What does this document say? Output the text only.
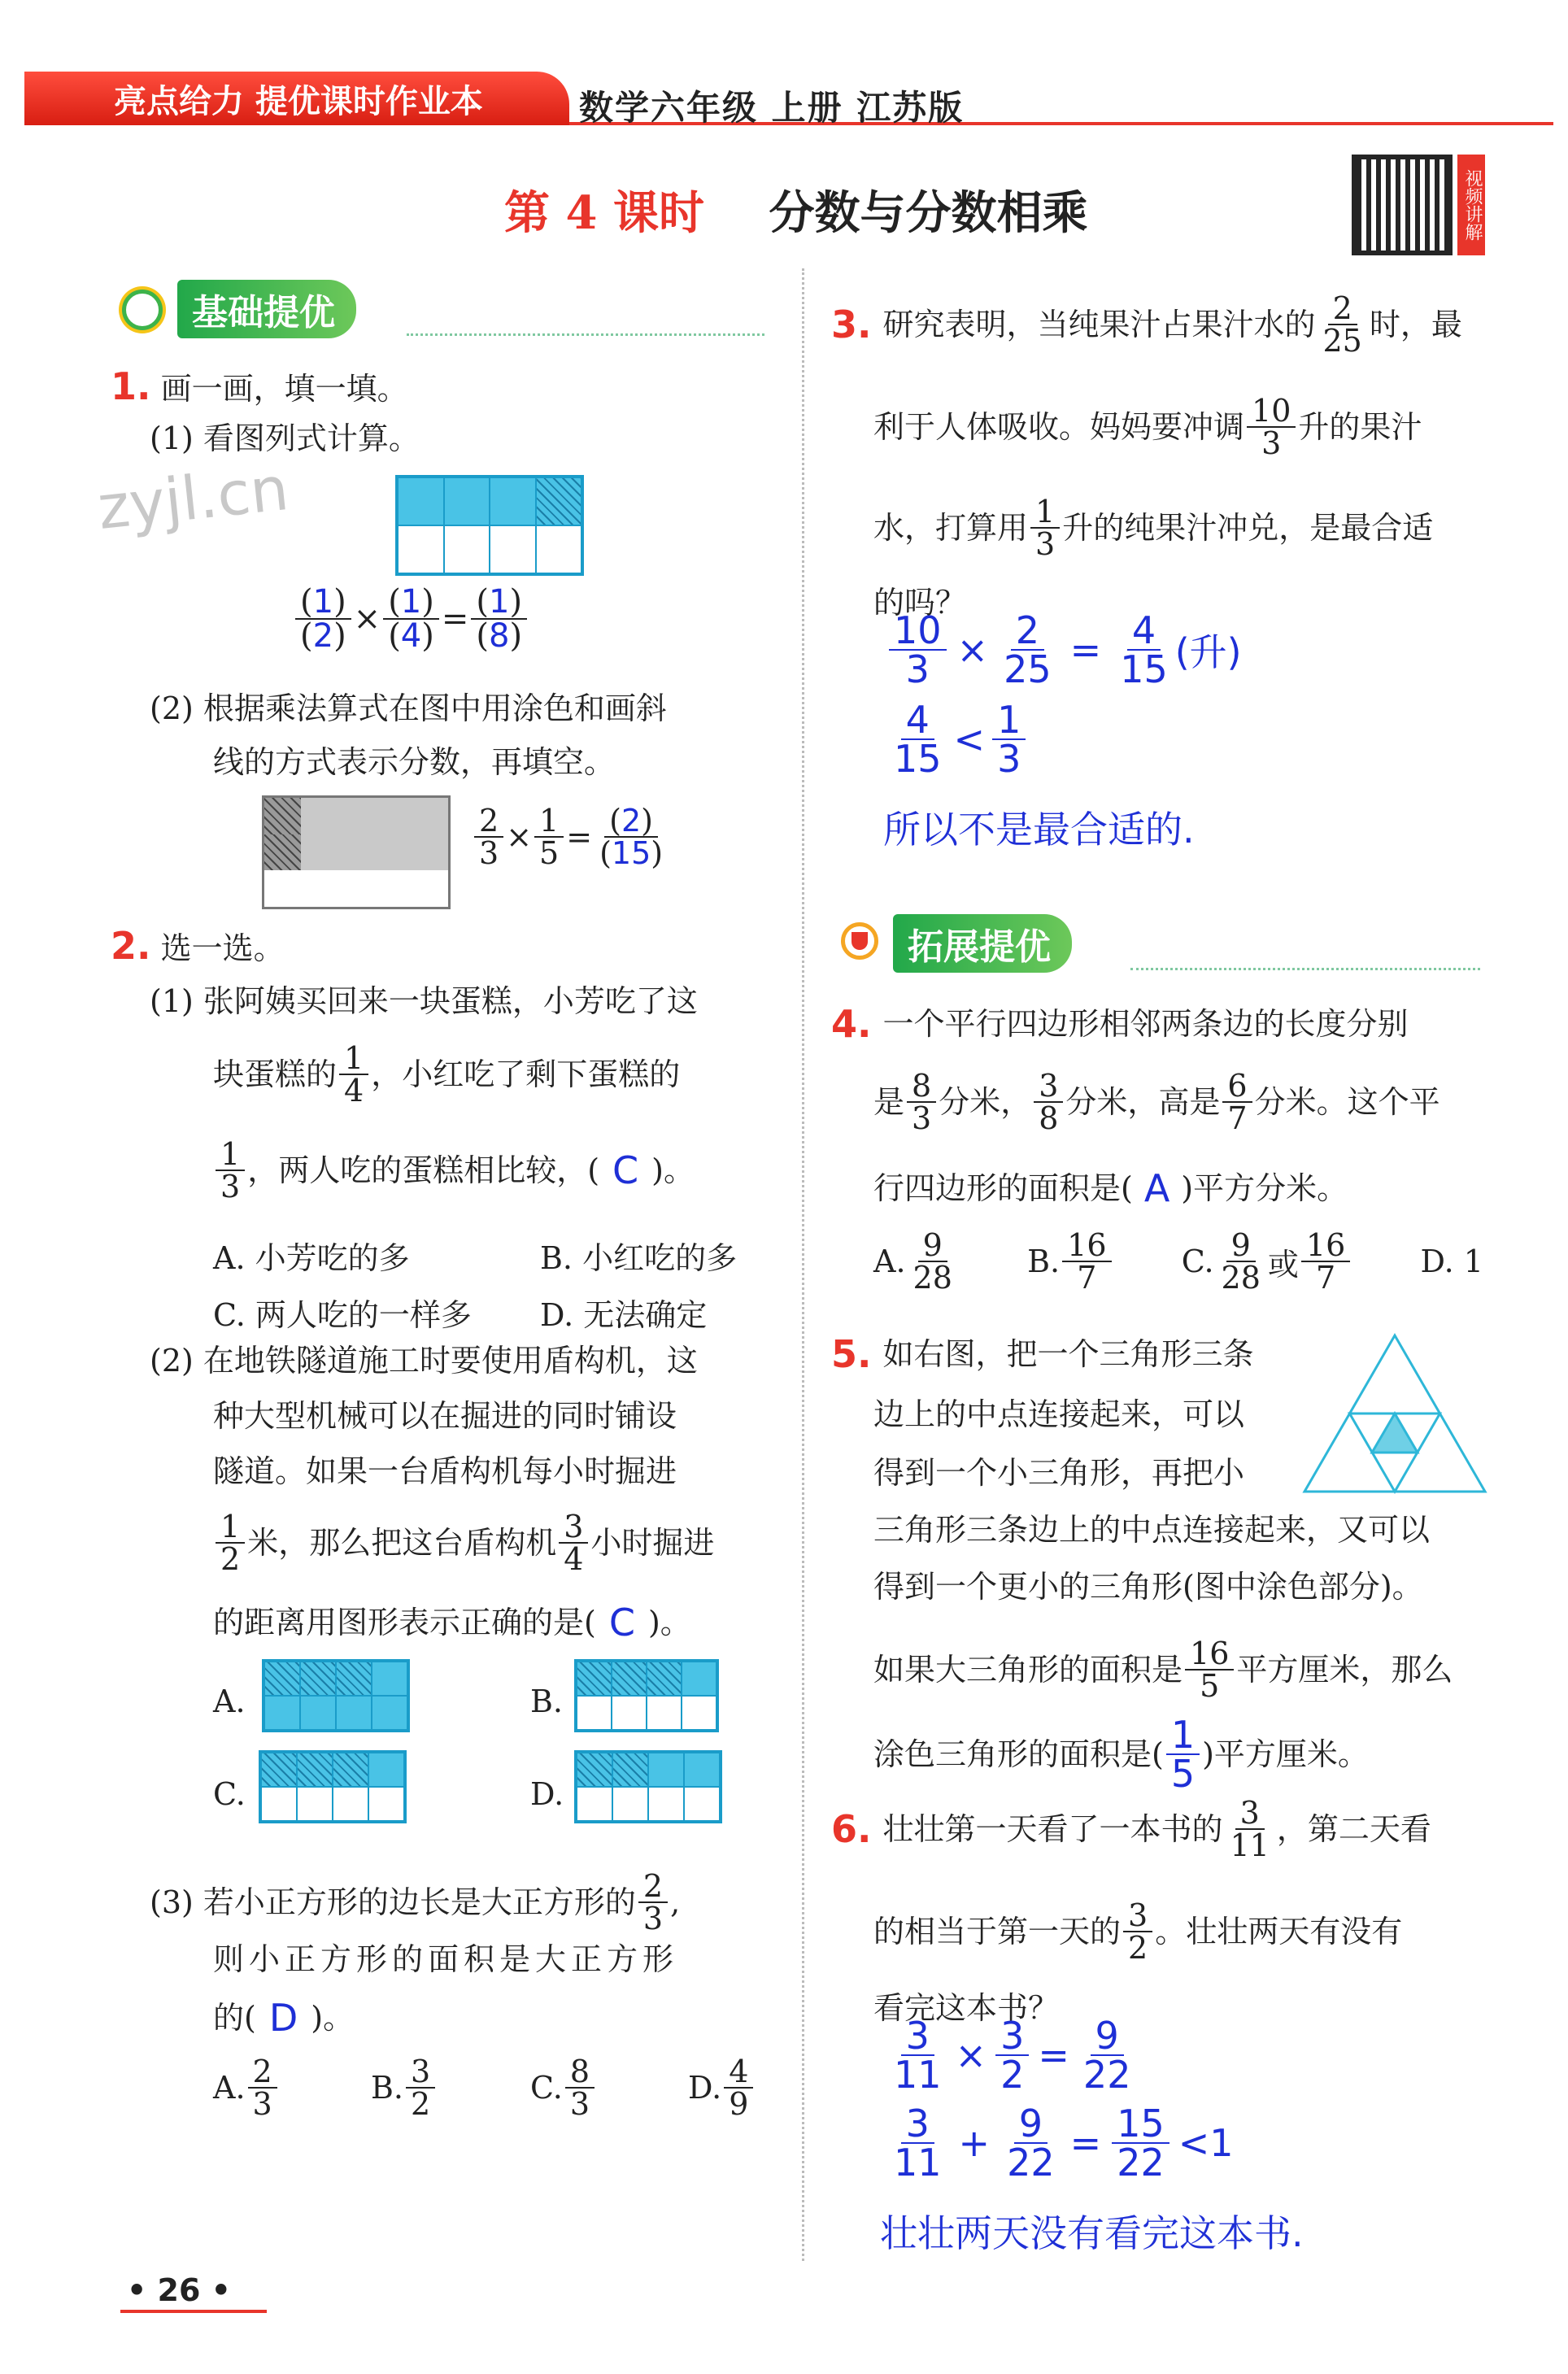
亮点给力 提优课时作业本	数学六年级 上册 江苏版
第 4 课时 分数与分数相乘	视频讲解
zyjl.cn
基础提优
1. 画一画，填一填。
(1) 看图列式计算。
$\frac{(1)}{(2)} \times \frac{(1)}{(4)} = \frac{(1)}{(8)}$
(2) 根据乘法算式在图中用涂色和画斜
线的方式表示分数，再填空。
$\frac{2}{3} \times \frac{1}{5} = \frac{(2)}{(15)}$
2. 选一选。
(1) 张阿姨买回来一块蛋糕，小芳吃了这
块蛋糕的 $\frac{1}{4}$ ，小红吃了剩下蛋糕的
$\frac{1}{3}$ ，两人吃的蛋糕相比较，( C )。
A. 小芳吃的多	B. 小红吃的多
C. 两人吃的一样多 D. 无法确定
(2) 在地铁隧道施工时要使用盾构机，这
种大型机械可以在掘进的同时铺设
隧道。如果一台盾构机每小时掘进
$\frac{1}{2}$ 米，那么把这台盾构机 $\frac{3}{4}$ 小时掘进
的距离用图形表示正确的是( C )。
A.	B.
C.	D.
(3) 若小正方形的边长是大正方形的 $\frac{2}{3}$ ,
则小正方形的面积是大正方形
的( D )。
A. $\frac{2}{3}$	B. $\frac{3}{2}$	C. $\frac{8}{3}$	D. $\frac{4}{9}$
3. 研究表明，当纯果汁占果汁水的 $\frac{2}{25}$ 时，最
利于人体吸收。妈妈要冲调 $\frac{10}{3}$ 升的果汁
水，打算用 $\frac{1}{3}$ 升的纯果汁冲兑，是最合适
的吗？
$\frac{10}{3} \times \frac{2}{25} = \frac{4}{15}$ (升)
$\frac{4}{15} < \frac{1}{3}$
所以不是最合适的.
拓展提优
4. 一个平行四边形相邻两条边的长度分别
是 $\frac{8}{3}$ 分米， $\frac{3}{8}$ 分米，高是 $\frac{6}{7}$ 分米。这个平
行四边形的面积是( A )平方分米。
A. $\frac{9}{28} B$. $\frac{16}{7} C$. $\frac{9}{28}$ 或 $\frac{16}{7} D$. 1
5. 如右图，把一个三角形三条
边上的中点连接起来，可以
得到一个小三角形，再把小
三角形三条边上的中点连接起来，又可以
得到一个更小的三角形(图中涂色部分)。
如果大三角形的面积是 $\frac{16}{5}$ 平方厘米，那么
涂色三角形的面积是( $\frac{1}{5}$ )平方厘米。
6. 壮壮第一天看了一本书的 $\frac{3}{11}$ ，第二天看
的相当于第一天的 $\frac{3}{2}$ 。壮壮两天有没有
看完这本书？
$\frac{3}{11} \times \frac{3}{2} = \frac{9}{22}$
$\frac{3}{11} + \frac{9}{22} = \frac{15}{22} <1$
壮壮两天没有看完这本书.
• 26 •
